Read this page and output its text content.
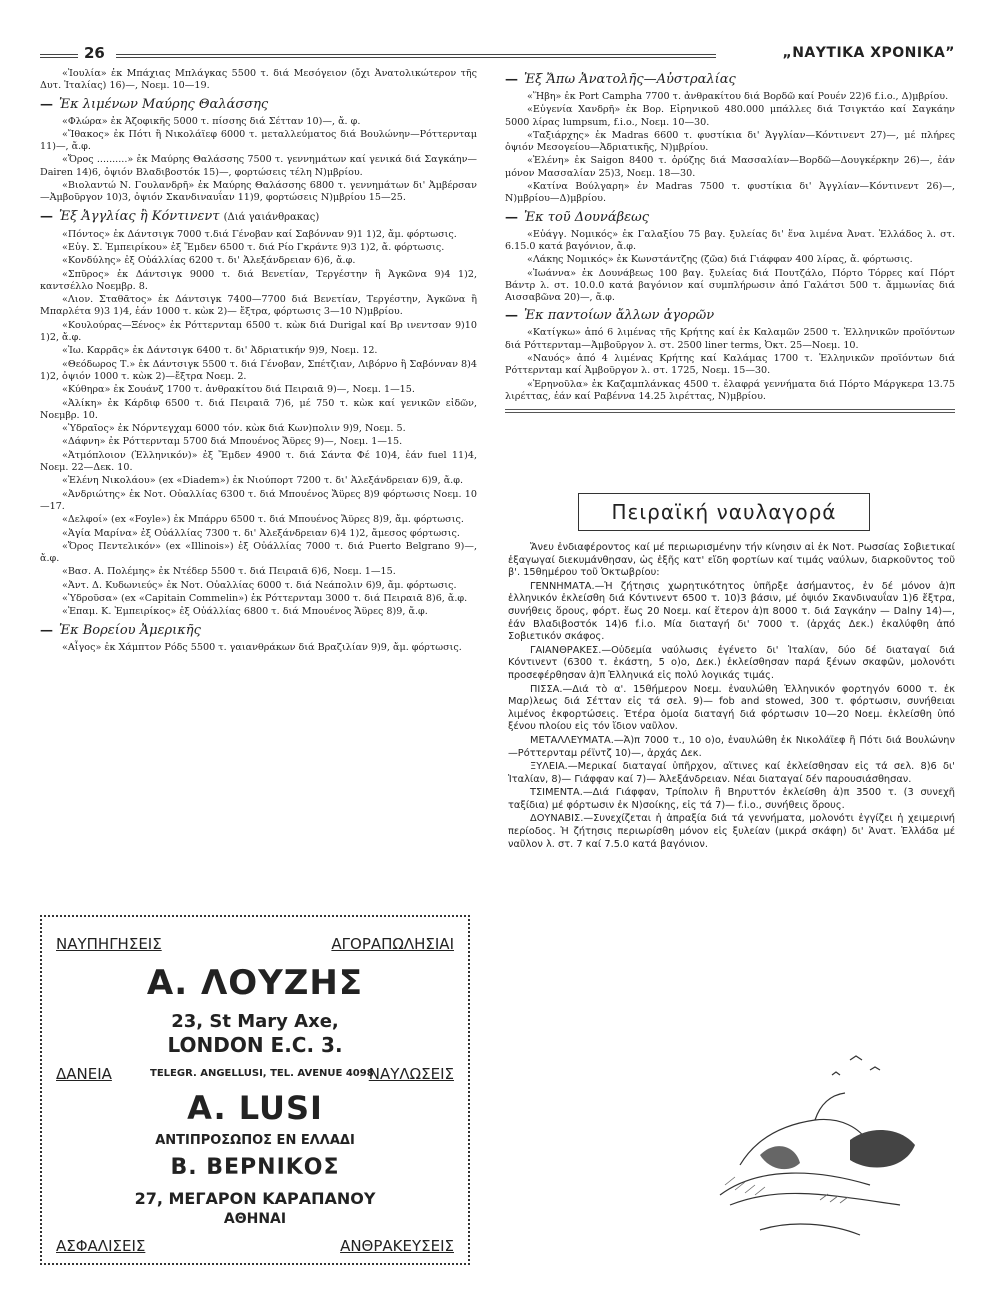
26	„ΝΑΥΤΙΚΑ ΧΡΟΝΙΚΑ”

«Ἰουλία» ἐκ Μπάχιας Μπλάγκας 5500 τ. διά Μεσόγειον (ὄχι Ἀνατολικώτερον τῆς Δυτ. Ἰταλίας) 16)—, Νοεμ. 10—19.

— Ἐκ λιμένων Μαύρης Θαλάσσης

«Φλώρα» ἐκ Ἀζοφικῆς 5000 τ. πίσσης διά Σέτταν 10)—, ἄ. φ.

«Ἴθακος» ἐκ Πότι ἢ Νικολάϊεφ 6000 τ. μεταλλεύματος διά Βουλώνην—Ρόττερνταμ 11)—, ἄ.φ.

«Ὄρος ..........» ἐκ Μαύρης Θαλάσσης 7500 τ. γεννημάτων καί γενικά διά Σαγκάην—Dairen 14)6, ὀψιόν Βλαδιβοστόκ 15)—, φορτώσεις τέλη Ν)μβρίου.

«Βιολαντώ Ν. Γουλανδρῆ» ἐκ Μαύρης Θαλάσσης 6800 τ. γεννημάτων δι' Ἀμβέρσαν—Ἀμβοῦργον 10)3, ὀψιόν Σκανδιναυΐαν 11)9, φορτώσεις Ν)μβρίου 15—25.

— Ἐξ Ἀγγλίας ἢ Κόντινεντ (Διά γαιάνθρακας)

«Πόντος» ἐκ Δάντσιγκ 7000 τ.διά Γένοβαν καί Σαβόνναν 9)1 1)2, ἄμ. φόρτωσις.

«Εὐγ. Σ. Ἐμπειρίκου» ἐξ Ἔμδεν 6500 τ. διά Ρίο Γκράντε 9)3 1)2, ἄ. φόρτωσις.

«Κονδύλης» ἐξ Οὐάλλίας 6200 τ. δι' Ἀλεξάνδρειαν 6)6, ἄ.φ.

«Σπῦρος» ἐκ Δάντσιγκ 9000 τ. διά Βενετίαν, Τεργέστην ἢ Ἀγκῶνα 9)4 1)2, καντσέλλο Νοεμβρ. 8.

«Λιον. Σταθᾶτος» ἐκ Δάντσιγκ 7400—7700 διά Βενετίαν, Τεργέστην, Ἀγκῶνα ἢ Μπαρλέτα 9)3 1)4, ἐάν 1000 τ. κὼκ 2)— ἔξτρα, φόρτωσις 3—10 Ν)μβρίου.

«Κουλούρας—Ξένος» ἐκ Ρόττερνταμ 6500 τ. κὼκ διά Durigal καί Βρ ινεντσαν 9)10 1)2, ἄ.φ.

«Ἰω. Καρρᾶς» ἐκ Δάντσιγκ 6400 τ. δι' Ἀδριατικήν 9)9, Νοεμ. 12.

«Θεόδωρος Τ.» ἐκ Δάντσιγκ 5500 τ. διά Γένοβαν, Σπέτζιαν, Λιβόρνο ἢ Σαβόνναν 8)4 1)2, ὀψιόν 1000 τ. κὼκ 2)—ἔξτρα Νοεμ. 2.

«Κύθηρα» ἐκ Σουάνζ 1700 τ. ἀνθρακίτου διά Πειραιᾶ 9)—, Νοεμ. 1—15.

«Ἀλίκη» ἐκ Κάρδιφ 6500 τ. διά Πειραιᾶ 7)6, μέ 750 τ. κὼκ καί γενικῶν εἰδῶν, Νοεμβρ. 10.

«Ὑδραῖος» ἐκ Νόρντεγχαμ 6000 τόν. κὼκ διά Κων)πολιν 9)9, Νοεμ. 5.

«Δάφνη» ἐκ Ρόττερνταμ 5700 διά Μπουένος Ἄϋρες 9)—, Νοεμ. 1—15.

«Ἀτμόπλοιον (Ἑλληνικόν)» ἐξ Ἔμδεν 4900 τ. διά Σάντα Φέ 10)4, ἐάν fuel 11)4, Νοεμ. 22—Δεκ. 10.

«Ἑλένη Νικολάου» (ex «Diadem») ἐκ Νιούπορτ 7200 τ. δι' Ἀλεξάνδρειαν 6)9, ἄ.φ.

«Ἀνδριώτης» ἐκ Νοτ. Οὐαλλίας 6300 τ. διά Μπουένος Ἄϋρες 8)9 φόρτωσις Νοεμ. 10—17.

«Δελφοί» (ex «Foyle») ἐκ Μπάρρυ 6500 τ. διά Μπουένος Ἄϋρες 8)9, ἄμ. φόρτωσις.

«Ἁγία Μαρίνα» ἐξ Οὐάλλίας 7300 τ. δι' Ἀλεξάνδρειαν 6)4 1)2, ἄμεσος φόρτωσις.

«Ὄρος Πεντελικόν» (ex «Illinois») ἐξ Οὐάλλίας 7000 τ. διά Puerto Belgrano 9)—, ἄ.φ.

«Βασ. Α. Πολέμης» ἐκ Ντέδερ 5500 τ. διά Πειραιᾶ 6)6, Νοεμ. 1—15.

«Ἀντ. Δ. Κυδωνιεύς» ἐκ Νοτ. Οὐαλλίας 6000 τ. διά Νεάπολιν 6)9, ἄμ. φόρτωσις.

«Ὑδροῦσα» (ex «Capitain Commelin») ἐκ Ρόττερνταμ 3000 τ. διά Πειραιᾶ 8)6, ἄ.φ.

«Ἐπαμ. Κ. Ἐμπειρίκος» ἐξ Οὐάλλίας 6800 τ. διά Μπουένος Ἄϋρες 8)9, ἄ.φ.

— Ἐκ Βορείου Ἀμερικῆς

«Αἶγος» ἐκ Χάμπτον Ρόδς 5500 τ. γαιανθράκων διά Βραζιλίαν 9)9, ἄμ. φόρτωσις.

ΝΑΥΠΗΓΗΣΕΙΣ	ΑΓΟΡΑΠΩΛΗΣΙΑΙ
Α. ΛΟΥΖΗΣ
23, St Mary Axe,
LONDON E.C. 3.
ΔΑΝΕΙΑ	TELEGR. ANGELLUSI, TEL. AVENUE 4098
ΝΑΥΛΩΣΕΙΣ
A. LUSI
ΑΝΤΙΠΡΟΣΩΠΟΣ ΕΝ ΕΛΛΑΔΙ
Β. ΒΕΡΝΙΚΟΣ
27, ΜΕΓΑΡΟΝ ΚΑΡΑΠΑΝΟΥ
ΑΘΗΝΑΙ
ΑΣΦΑΛΙΣΕΙΣ	ΑΝΘΡΑΚΕΥΣΕΙΣ
— Ἐξ Ἄπω Ἀνατολῆς—Αὐστραλίας

«Ἥβη» ἐκ Port Campha 7700 τ. ἀνθρακίτου διά Βορδῶ καί Ρουέν 22)6 f.i.o., Δ)μβρίου.

«Εὐγενία Χανδρῆ» ἐκ Βορ. Εἰρηνικοῦ 480.000 μπάλλες διά Τσιγκτάο καί Σαγκάην 5000 λίρας lumpsum, f.i.o., Νοεμ. 10—30.

«Ταξιάρχης» ἐκ Madras 6600 τ. φυστίκια δι' Ἀγγλίαν—Κόντινεντ 27)—, μέ πλήρες ὀψιόν Μεσογείου—Ἀδριατικῆς, Ν)μβρίου.

«Ἑλένη» ἐκ Saigon 8400 τ. ὀρύζης διά Μασσαλίαν—Βορδῶ—Δουγκέρκην 26)—, ἐάν μόνον Μασσαλίαν 25)3, Νοεμ. 18—30.

«Κατίνα Βούλγαρη» ἐν Madras 7500 τ. φυστίκια δι' Ἀγγλίαν—Κόντινεντ 26)—, Ν)μβρίου—Δ)μβρίου.

— Ἐκ τοῦ Δουνάβεως

«Εὐάγγ. Νομικός» ἐκ Γαλαξίου 75 βαγ. ξυλείας δι' ἕνα λιμένα Ἀνατ. Ἑλλάδος λ. στ. 6.15.0 κατά βαγόνιον, ἄ.φ.

«Λάκης Νομικός» ἐκ Κωνστάντζης (ζῶα) διά Γιάφφαν 400 λίρας, ἄ. φόρτωσις.

«Ἰωάννα» ἐκ Δουνάβεως 100 βαγ. ξυλείας διά Πουτζάλο, Πόρτο Τόρρες καί Πόρτ Βάντρ λ. στ. 10.0.0 κατά βαγόνιον καί συμπλήρωσιν ἀπό Γαλάτσι 500 τ. ἄμμωνίας διά Αισσαβῶνα 20)—, ἄ.φ.

— Ἐκ παντοίων ἄλλων ἀγορῶν

«Κατίγκω» ἀπό 6 λιμένας τῆς Κρήτης καί ἐκ Καλαμῶν 2500 τ. Ἑλληνικῶν προϊόντων διά Ρόττερνταμ—Ἀμβοῦργον λ. στ. 2500 liner terms, Ὀκτ. 25—Νοεμ. 10.

«Ναυός» ἀπό 4 λιμένας Κρήτης καί Καλάμας 1700 τ. Ἑλληνικῶν προϊόντων διά Ρόττερνταμ καί Ἀμβοῦργον λ. στ. 1725, Νοεμ. 15—30.

«Ἐρηνοῦλα» ἐκ Καζαμπλάνκας 4500 τ. ἐλαφρά γεννήματα διά Πόρτο Μάργκερα 13.75 λιρέττας, ἐάν καί Ραβέννα 14.25 λιρέττας, Ν)μβρίου.

Πειραϊκή ναυλαγορά

Ἄνευ ἐνδιαφέροντος καί μέ περιωρισμένην τήν κίνησιν αἱ ἐκ Νοτ. Ρωσσίας Σοβιετικαί ἐξαγωγαί διεκυμάνθησαν, ὡς ἑξῆς κατ' εἴδη φορτίων καί τιμάς ναύλων, διαρκοῦντος τοῦ β'. 15θημέρου τοῦ Ὀκτωβρίου:

ΓΕΝΝΗΜΑΤΑ.—Ἡ ζήτησις χωρητικότητος ὑπῆρξε ἀσήμαντος, ἐν δέ μόνον ἀ)π ἑλληνικόν ἐκλείσθη διά Κόντινεντ 6500 τ. 10)3 βάσιν, μέ ὀψιόν Σκανδιναυΐαν 1)6 ἔξτρα, συνήθεις ὅρους, φόρτ. ἕως 20 Νοεμ. καί ἕτερον ἀ)π 8000 τ. διά Σαγκάην — Dalny 14)—, ἐάν Βλαδιβοστόκ 14)6 f.i.o. Μία διαταγή δι' 7000 τ. (ἀρχάς Δεκ.) ἐκαλύφθη ἀπό Σοβιετικόν σκάφος.

ΓΑΙΑΝΘΡΑΚΕΣ.—Οὐδεμία ναύλωσις ἐγένετο δι' Ἰταλίαν, δύο δέ διαταγαί διά Κόντινεντ (6300 τ. ἑκάστη, 5 ο)ο, Δεκ.) ἐκλείσθησαν παρά ξένων σκαφῶν, μολονότι προσεφέρθησαν ἀ)π Ἑλληνικά εἰς πολύ λογικάς τιμάς.

ΠΙΣΣΑ.—Διά τὸ α'. 15θήμερον Νοεμ. ἐναυλώθη Ἑλληνικόν φορτηγόν 6000 τ. ἐκ Μαρ)λεως διά Σέτταν εἰς τά σελ. 9)— fob and stowed, 300 τ. φόρτωσιν, συνήθειαι λιμένος ἐκφορτώσεις. Ἑτέρα ὁμοία διαταγή διά φόρτωσιν 10—20 Νοεμ. ἐκλείσθη ὑπό ξένου πλοίου εἰς τόν ἴδιον ναῦλον.

ΜΕΤΑΛΛΕΥΜΑΤΑ.—Ἀ)π 7000 τ., 10 ο)ο, ἐναυλώθη ἐκ Νικολάϊεφ ἢ Πότι διά Βουλώνην—Ρόττερνταμ ρέϊντζ 10)—, ἀρχάς Δεκ.

ΞΥΛΕΙΑ.—Μερικαί διαταγαί ὑπῆρχον, αἵτινες καί ἐκλείσθησαν εἰς τά σελ. 8)6 δι' Ἰταλίαν, 8)— Γιάφφαν καί 7)— Ἀλεξάνδρειαν. Νέαι διαταγαί δέν παρουσιάσθησαν.

ΤΣΙΜΕΝΤΑ.—Διά Γιάφφαν, Τρίπολιν ἢ Βηρυττόν ἐκλείσθη ἀ)π 3500 τ. (3 συνεχῆ ταξίδια) μέ φόρτωσιν ἐκ Ν)σοίκης, εἰς τά 7)— f.i.o., συνήθεις ὅρους.

ΔΟΥΝΑΒΙΣ.—Συνεχίζεται ἡ ἀπραξία διά τά γεννήματα, μολονότι ἐγγίζει ἡ χειμερινή περίοδος. Ἡ ζήτησις περιωρίσθη μόνον εἰς ξυλείαν (μικρά σκάφη) δι' Ἀνατ. Ἑλλάδα μέ ναῦλον λ. στ. 7 καί 7.5.0 κατά βαγόνιον.
